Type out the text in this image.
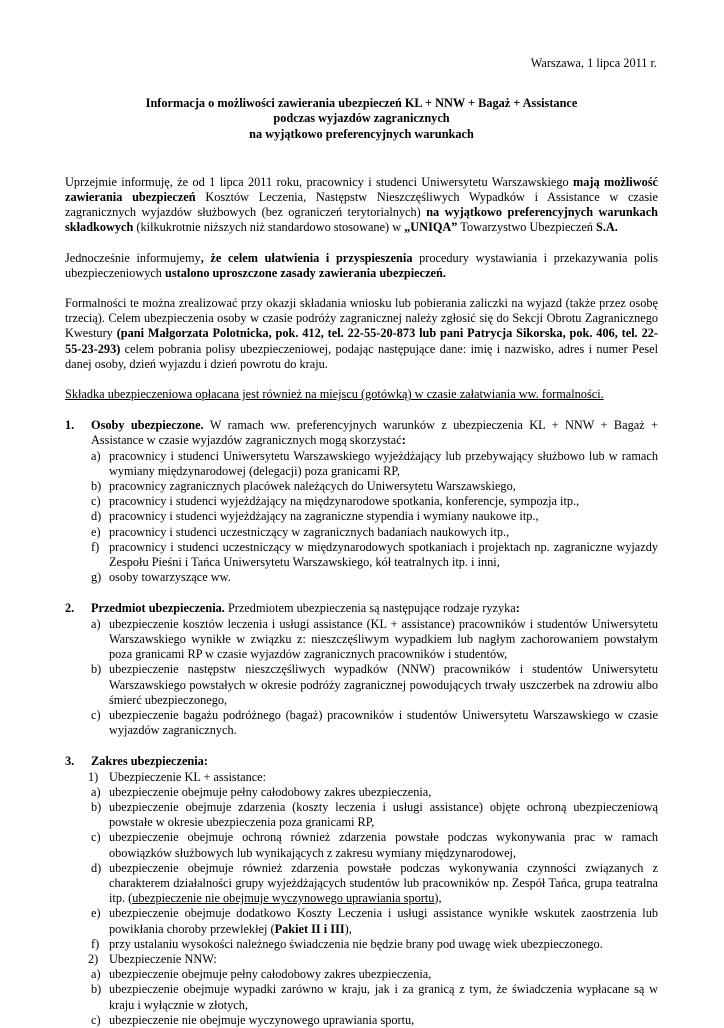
Warszawa, 1 lipca 2011 r.
Informacja o możliwości zawierania ubezpieczeń KL + NNW + Bagaż + Assistance
podczas wyjazdów zagranicznych
na wyjątkowo preferencyjnych warunkach
Uprzejmie informuję, że od 1 lipca 2011 roku, pracownicy i studenci Uniwersytetu Warszawskiego mają możliwość zawierania ubezpieczeń Kosztów Leczenia, Następstw Nieszczęśliwych Wypadków i Assistance w czasie zagranicznych wyjazdów służbowych (bez ograniczeń terytorialnych) na wyjątkowo preferencyjnych warunkach składkowych (kilkukrotnie niższych niż standardowo stosowane) w „UNIQA” Towarzystwo Ubezpieczeń S.A.
Jednocześnie informujemy, że celem ułatwienia i przyspieszenia procedury wystawiania i przekazywania polis ubezpieczeniowych ustalono uproszczone zasady zawierania ubezpieczeń.
Formalności te można zrealizować przy okazji składania wniosku lub pobierania zaliczki na wyjazd (także przez osobę trzecią). Celem ubezpieczenia osoby w czasie podróży zagranicznej należy zgłosić się do Sekcji Obrotu Zagranicznego Kwestury (pani Małgorzata Polotnicka, pok. 412, tel. 22-55-20-873 lub pani Patrycja Sikorska, pok. 406, tel. 22-55-23-293) celem pobrania polisy ubezpieczeniowej, podając następujące dane: imię i nazwisko, adres i numer Pesel danej osoby, dzień wyjazdu i dzień powrotu do kraju.
Składka ubezpieczeniowa opłacana jest również na miejscu (gotówką) w czasie załatwiania ww. formalności.
1.	Osoby ubezpieczone. W ramach ww. preferencyjnych warunków z ubezpieczenia KL + NNW + Bagaż + Assistance w czasie wyjazdów zagranicznych mogą skorzystać:
a) pracownicy i studenci Uniwersytetu Warszawskiego wyjeżdżający lub przebywający służbowo lub w ramach wymiany międzynarodowej (delegacji) poza granicami RP,
b) pracownicy zagranicznych placówek należących do Uniwersytetu Warszawskiego,
c) pracownicy i studenci wyjeżdżający na międzynarodowe spotkania, konferencje, sympozja itp.,
d) pracownicy i studenci wyjeżdżający na zagraniczne stypendia i wymiany naukowe itp.,
e) pracownicy i studenci uczestniczący w zagranicznych badaniach naukowych itp.,
f) pracownicy i studenci uczestniczący w międzynarodowych spotkaniach i projektach np. zagraniczne wyjazdy Zespołu Pieśni i Tańca Uniwersytetu Warszawskiego, kół teatralnych itp. i inni,
g) osoby towarzyszące ww.
2.	Przedmiot ubezpieczenia. Przedmiotem ubezpieczenia są następujące rodzaje ryzyka:
a) ubezpieczenie kosztów leczenia i usługi assistance (KL + assistance) pracowników i studentów Uniwersytetu Warszawskiego wynikłe w związku z: nieszczęśliwym wypadkiem lub nagłym zachorowaniem powstałym poza granicami RP w czasie wyjazdów zagranicznych pracowników i studentów,
b) ubezpieczenie następstw nieszczęśliwych wypadków (NNW) pracowników i studentów Uniwersytetu Warszawskiego powstałych w okresie podróży zagranicznej powodujących trwały uszczerbek na zdrowiu albo śmierć ubezpieczonego,
c) ubezpieczenie bagażu podróżnego (bagaż) pracowników i studentów Uniwersytetu Warszawskiego w czasie wyjazdów zagranicznych.
3.	Zakres ubezpieczenia:
1) Ubezpieczenie KL + assistance:
a) ubezpieczenie obejmuje pełny całodobowy zakres ubezpieczenia,
b) ubezpieczenie obejmuje zdarzenia (koszty leczenia i usługi assistance) objęte ochroną ubezpieczeniową powstałe w okresie ubezpieczenia poza granicami RP,
c) ubezpieczenie obejmuje ochroną również zdarzenia powstałe podczas wykonywania prac w ramach obowiązków służbowych lub wynikających z zakresu wymiany międzynarodowej,
d) ubezpieczenie obejmuje również zdarzenia powstałe podczas wykonywania czynności związanych z charakterem działalności grupy wyjeżdżających studentów lub pracowników np. Zespół Tańca, grupa teatralna itp. (ubezpieczenie nie obejmuje wyczynowego uprawiania sportu),
e) ubezpieczenie obejmuje dodatkowo Koszty Leczenia i usługi assistance wynikłe wskutek zaostrzenia lub powikłania choroby przewlekłej (Pakiet II i III),
f) przy ustalaniu wysokości należnego świadczenia nie będzie brany pod uwagę wiek ubezpieczonego.
2) Ubezpieczenie NNW:
a) ubezpieczenie obejmuje pełny całodobowy zakres ubezpieczenia,
b) ubezpieczenie obejmuje wypadki zarówno w kraju, jak i za granicą z tym, że świadczenia wypłacane są w kraju i wyłącznie w złotych,
c) ubezpieczenie nie obejmuje wyczynowego uprawiania sportu,
